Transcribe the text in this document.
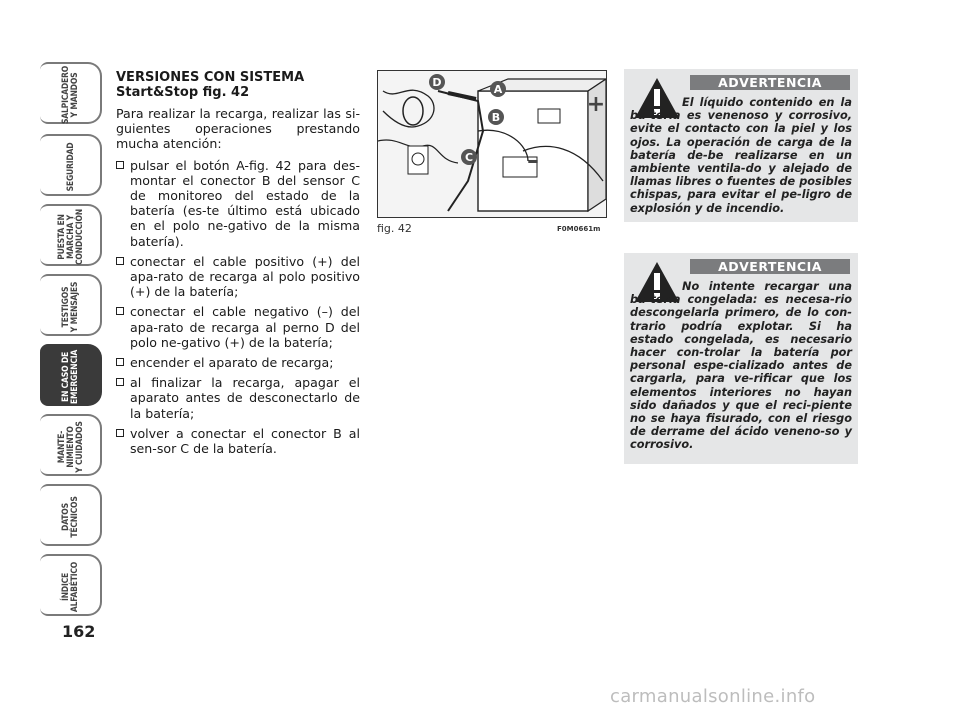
SALPICADERO
Y MANDOS
SEGURIDAD
PUESTA EN
MARCHA Y
CONDUCCIÓN
TESTIGOS
Y MENSAJES
EN CASO DE
EMERGENCIA
MANTE-
NIMIENTO
Y CUIDADOS
DATOS
TÉCNICOS
ÍNDICE
ALFABÉTICO
162
VERSIONES CON SISTEMA
Start&Stop fig. 42

Para realizar la recarga, realizar las si-guientes operaciones prestando mucha atención:

pulsar el botón A-fig. 42 para des-montar el conector B del sensor C de monitoreo del estado de la batería (es-te último está ubicado en el polo ne-gativo de la misma batería).
conectar el cable positivo (+) del apa-rato de recarga al polo positivo (+) de la batería;
conectar el cable negativo (–) del apa-rato de recarga al perno D del polo ne-gativo (+) de la batería;
encender el aparato de recarga;
al finalizar la recarga, apagar el aparato antes de desconectarlo de la batería;
volver a conectar el conector B al sen-sor C de la batería.
D
A
B
C
+
–
fig. 42	F0M0661m
ADVERTENCIA
El líquido contenido en la ba-tería es venenoso y corrosivo, evite el contacto con la piel y los ojos. La operación de carga de la batería de-be realizarse en un ambiente ventila-do y alejado de llamas libres o fuentes de posibles chispas, para evitar el pe-ligro de explosión y de incendio.
ADVERTENCIA
No intente recargar una ba-tería congelada: es necesa-rio descongelarla primero, de lo con-trario podría explotar. Si ha estado congelada, es necesario hacer con-trolar la batería por personal espe-cializado antes de cargarla, para ve-rificar que los elementos interiores no hayan sido dañados y que el reci-piente no se haya fisurado, con el riesgo de derrame del ácido veneno-so y corrosivo.
carmanualsonline.info
